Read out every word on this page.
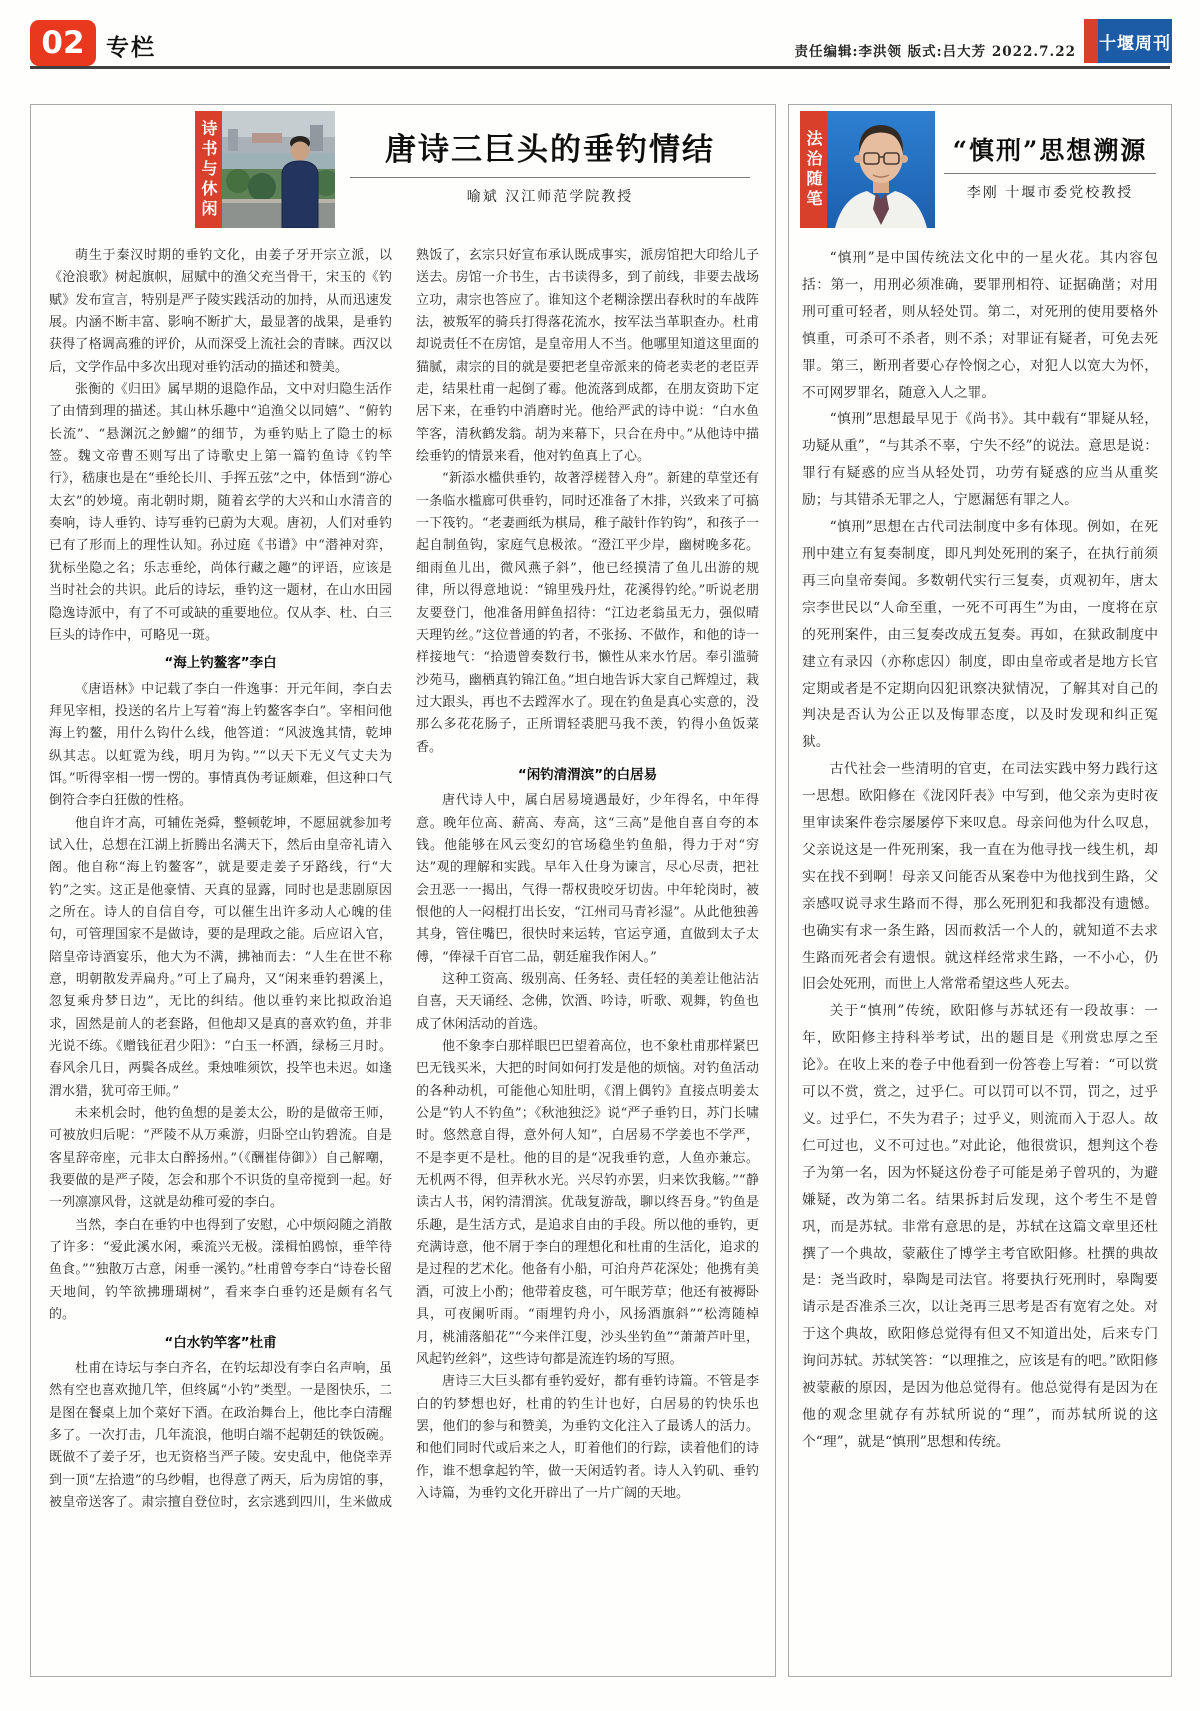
02 专栏	责任编辑:李洪领 版式:吕大芳 2022.7.22 十堰周刊
诗书与休闲	唐诗三巨头的垂钓情结
喻斌 汉江师范学院教授

萌生于秦汉时期的垂钓文化，由姜子牙开宗立派，以《沧浪歌》树起旗帜，屈赋中的渔父充当骨干，宋玉的《钓赋》发布宣言，特别是严子陵实践活动的加持，从而迅速发展。内涵不断丰富、影响不断扩大，最显著的战果，是垂钓获得了格调高雅的评价，从而深受上流社会的青睐。西汉以后，文学作品中多次出现对垂钓活动的描述和赞美。

张衡的《归田》属早期的退隐作品，文中对归隐生活作了由情到理的描述。其山林乐趣中“追渔父以同嬉”、“俯钓长流”、“悬渊沉之魦鰡”的细节，为垂钓贴上了隐士的标签。魏文帝曹丕则写出了诗歌史上第一篇钓鱼诗《钓竿行》，嵇康也是在“垂纶长川、手挥五弦”之中，体悟到“游心太玄”的妙境。南北朝时期，随着玄学的大兴和山水清音的奏响，诗人垂钓、诗写垂钓已蔚为大观。唐初，人们对垂钓已有了形而上的理性认知。孙过庭《书谱》中“潜神对弈，犹标坐隐之名；乐志垂纶，尚体行藏之趣”的评语，应该是当时社会的共识。此后的诗坛，垂钓这一题材，在山水田园隐逸诗派中，有了不可或缺的重要地位。仅从李、杜、白三巨头的诗作中，可略见一斑。

“海上钓鳌客”李白

《唐语林》中记载了李白一件逸事：开元年间，李白去拜见宰相，投送的名片上写着“海上钓鳌客李白”。宰相问他海上钓鳌，用什么钩什么线，他答道：“风波逸其情，乾坤纵其志。以虹霓为线，明月为钩。”“以天下无义气丈夫为饵。”听得宰相一愣一愣的。事情真伪考证颇难，但这种口气倒符合李白狂傲的性格。

他自许才高，可辅佐尧舜，整顿乾坤，不愿屈就参加考试入仕，总想在江湖上折腾出名满天下，然后由皇帝礼请入阁。他自称“海上钓鳌客”，就是要走姜子牙路线，行“大钓”之实。这正是他豪情、天真的显露，同时也是悲剧原因之所在。诗人的自信自夸，可以催生出许多动人心魄的佳句，可管理国家不是做诗，要的是理政之能。后应诏入官，陪皇帝诗酒宴乐，他大为不满，拂袖而去：“人生在世不称意，明朝散发弄扁舟。”可上了扁舟，又“闲来垂钓碧溪上，忽复乘舟梦日边”，无比的纠结。他以垂钓来比拟政治追求，固然是前人的老套路，但他却又是真的喜欢钓鱼，并非光说不练。《赠钱征君少阳》：“白玉一杯酒，绿杨三月时。春风余几日，两鬓各成丝。秉烛唯须饮，投竿也未迟。如逢渭水猎，犹可帝王师。”

未来机会时，他钓鱼想的是姜太公，盼的是做帝王师，可被放归后呢：“严陵不从万乘游，归卧空山钓碧流。自是客星辞帝座，元非太白醉扬州。”（《酬崔侍御》）自己解嘲，我要做的是严子陵，怎会和那个不识货的皇帝搅到一起。好一列凛凛风骨，这就是幼稚可爱的李白。

当然，李白在垂钓中也得到了安慰，心中烦闷随之消散了许多：“爱此溪水闲，乘流兴无极。漾楫怕鸥惊，垂竿待鱼食。”“独散万古意，闲垂一溪钓。”杜甫曾夸李白“诗卷长留天地间，钓竿欲拂珊瑚树”，看来李白垂钓还是颇有名气的。

“白水钓竿客”杜甫

杜甫在诗坛与李白齐名，在钓坛却没有李白名声响，虽然有空也喜欢抛几竿，但终属“小钓”类型。一是图快乐，二是图在餐桌上加个菜好下酒。在政治舞台上，他比李白清醒多了。一次打击，几年流浪，他明白端不起朝廷的铁饭碗。既做不了姜子牙，也无资格当严子陵。安史乱中，他侥幸弄到一顶“左拾遗”的乌纱帽，也得意了两天，后为房馆的事，被皇帝送客了。肃宗擅自登位时，玄宗逃到四川，生米做成熟饭了，玄宗只好宣布承认既成事实，派房馆把大印给儿子送去。房馆一介书生，古书读得多，到了前线，非要去战场立功，肃宗也答应了。谁知这个老糊涂摆出春秋时的车战阵法，被叛军的骑兵打得落花流水，按军法当革职查办。杜甫却说责任不在房馆，是皇帝用人不当。他哪里知道这里面的猫腻，肃宗的目的就是要把老皇帝派来的倚老卖老的老臣弄走，结果杜甫一起倒了霉。他流落到成都，在朋友资助下定居下来，在垂钓中消磨时光。他给严武的诗中说：“白水鱼竿客，清秋鹤发翁。胡为来幕下，只合在舟中。”从他诗中描绘垂钓的情景来看，他对钓鱼真上了心。

“新添水槛供垂钓，故著浮槎替入舟”。新建的草堂还有一条临水槛廊可供垂钓，同时还准备了木排，兴致来了可搞一下筏钓。“老妻画纸为棋局，稚子敲针作钓钩”，和孩子一起自制鱼钩，家庭气息极浓。“澄江平少岸，幽树晚多花。细雨鱼儿出，微风燕子斜”，他已经摸清了鱼儿出游的规律，所以得意地说：“锦里残丹灶，花溪得钓纶。”听说老朋友要登门，他准备用鲜鱼招待：“江边老翁虽无力，强似晴天理钓丝。”这位普通的钓者，不张扬、不做作，和他的诗一样接地气：“拾遗曾奏数行书，懒性从来水竹居。奉引滥骑沙苑马，幽栖真钓锦江鱼。”坦白地告诉大家自己辉煌过，栽过大跟头，再也不去蹚浑水了。现在钓鱼是真心实意的，没那么多花花肠子，正所谓轻裘肥马我不羡，钓得小鱼饭菜香。

“闲钓清渭滨”的白居易

唐代诗人中，属白居易境遇最好，少年得名，中年得意。晚年位高、薪高、寿高，这“三高”是他自喜自夸的本钱。他能够在风云变幻的官场稳坐钓鱼船，得力于对“穷达”观的理解和实践。早年入仕身为谏言，尽心尽责，把社会丑恶一一揭出，气得一帮权贵咬牙切齿。中年轮岗时，被恨他的人一闷棍打出长安，“江州司马青衫湿”。从此他独善其身，管住嘴巴，很快时来运转，官运亨通，直做到太子太傅，“俸禄千百官二品，朝廷雇我作闲人。”

这种工资高、级别高、任务轻、责任轻的美差让他沾沾自喜，天天诵经、念佛，饮酒、吟诗，听歌、观舞，钓鱼也成了休闲活动的首选。

他不象李白那样眼巴巴望着高位，也不象杜甫那样紧巴巴无钱买米，大把的时间如何打发是他的烦恼。对钓鱼活动的各种动机，可能他心知肚明，《渭上偶钓》直接点明姜太公是“钓人不钓鱼”；《秋池独泛》说“严子垂钓日，苏门长啸时。悠然意自得，意外何人知”，白居易不学姜也不学严，不是李更不是杜。他的目的是“况我垂钓意，人鱼亦兼忘。无机两不得，但弄秋水光。兴尽钓亦罢，归来饮我觞。”“静读古人书，闲钓清渭滨。优哉复游哉，聊以终吾身。”钓鱼是乐趣，是生活方式，是追求自由的手段。所以他的垂钓，更充满诗意，他不屑于李白的理想化和杜甫的生活化，追求的是过程的艺术化。他备有小船，可泊舟芦花深处；他携有美酒，可波上小酌；他带着皮毯，可午眠芳草；他还有被褥卧具，可夜阑听雨。“雨埋钓舟小，风扬酒旗斜”“松湾随棹月，桃浦落船花”“今来伴江叟，沙头坐钓鱼”“萧萧芦叶里，风起钓丝斜”，这些诗句都是流连钓场的写照。

唐诗三大巨头都有垂钓爱好，都有垂钓诗篇。不管是李白的钓梦想也好，杜甫的钓生计也好，白居易的钓快乐也罢，他们的参与和赞美，为垂钓文化注入了最诱人的活力。和他们同时代或后来之人，盯着他们的行踪，读着他们的诗作，谁不想拿起钓竿，做一天闲适钓者。诗人入钓矶、垂钓入诗篇，为垂钓文化开辟出了一片广阔的天地。

法治随笔	“慎刑”思想溯源
李刚 十堰市委党校教授

“慎刑”是中国传统法文化中的一星火花。其内容包括：第一，用刑必须准确，要罪刑相符、证据确凿；对用刑可重可轻者，则从轻处罚。第二，对死刑的使用要格外慎重，可杀可不杀者，则不杀；对罪证有疑者，可免去死罪。第三，断刑者要心存怜悯之心，对犯人以宽大为怀，不可网罗罪名，随意入人之罪。

“慎刑”思想最早见于《尚书》。其中载有“罪疑从轻，功疑从重”，“与其杀不辜，宁失不经”的说法。意思是说：罪行有疑惑的应当从轻处罚，功劳有疑惑的应当从重奖励；与其错杀无罪之人，宁愿漏惩有罪之人。

“慎刑”思想在古代司法制度中多有体现。例如，在死刑中建立有复奏制度，即凡判处死刑的案子，在执行前须再三向皇帝奏闻。多数朝代实行三复奏，贞观初年，唐太宗李世民以“人命至重，一死不可再生”为由，一度将在京的死刑案件，由三复奏改成五复奏。再如，在狱政制度中建立有录囚（亦称虑囚）制度，即由皇帝或者是地方长官定期或者是不定期向囚犯讯察决狱情况，了解其对自己的判决是否认为公正以及悔罪态度，以及时发现和纠正冤狱。

古代社会一些清明的官吏，在司法实践中努力践行这一思想。欧阳修在《泷冈阡表》中写到，他父亲为吏时夜里审读案件卷宗屡屡停下来叹息。母亲问他为什么叹息，父亲说这是一件死刑案，我一直在为他寻找一线生机，却实在找不到啊！母亲又问能否从案卷中为他找到生路，父亲感叹说寻求生路而不得，那么死刑犯和我都没有遗憾。也确实有求一条生路，因而救活一个人的，就知道不去求生路而死者会有遗恨。就这样经常求生路，一不小心，仍旧会处死刑，而世上人常常希望这些人死去。

关于“慎刑”传统，欧阳修与苏轼还有一段故事：一年，欧阳修主持科举考试，出的题目是《刑赏忠厚之至论》。在收上来的卷子中他看到一份答卷上写着：“可以赏可以不赏，赏之，过乎仁。可以罚可以不罚，罚之，过乎义。过乎仁，不失为君子；过乎义，则流而入于忍人。故仁可过也，义不可过也。”对此论，他很赏识，想判这个卷子为第一名，因为怀疑这份卷子可能是弟子曾巩的，为避嫌疑，改为第二名。结果拆封后发现，这个考生不是曾巩，而是苏轼。非常有意思的是，苏轼在这篇文章里还杜撰了一个典故，蒙蔽住了博学主考官欧阳修。杜撰的典故是：尧当政时，皋陶是司法官。将要执行死刑时，皋陶要请示是否准杀三次，以让尧再三思考是否有宽宥之处。对于这个典故，欧阳修总觉得有但又不知道出处，后来专门询问苏轼。苏轼笑答：“以理推之，应该是有的吧。”欧阳修被蒙蔽的原因，是因为他总觉得有。他总觉得有是因为在他的观念里就存有苏轼所说的“理”，而苏轼所说的这个“理”，就是“慎刑”思想和传统。
